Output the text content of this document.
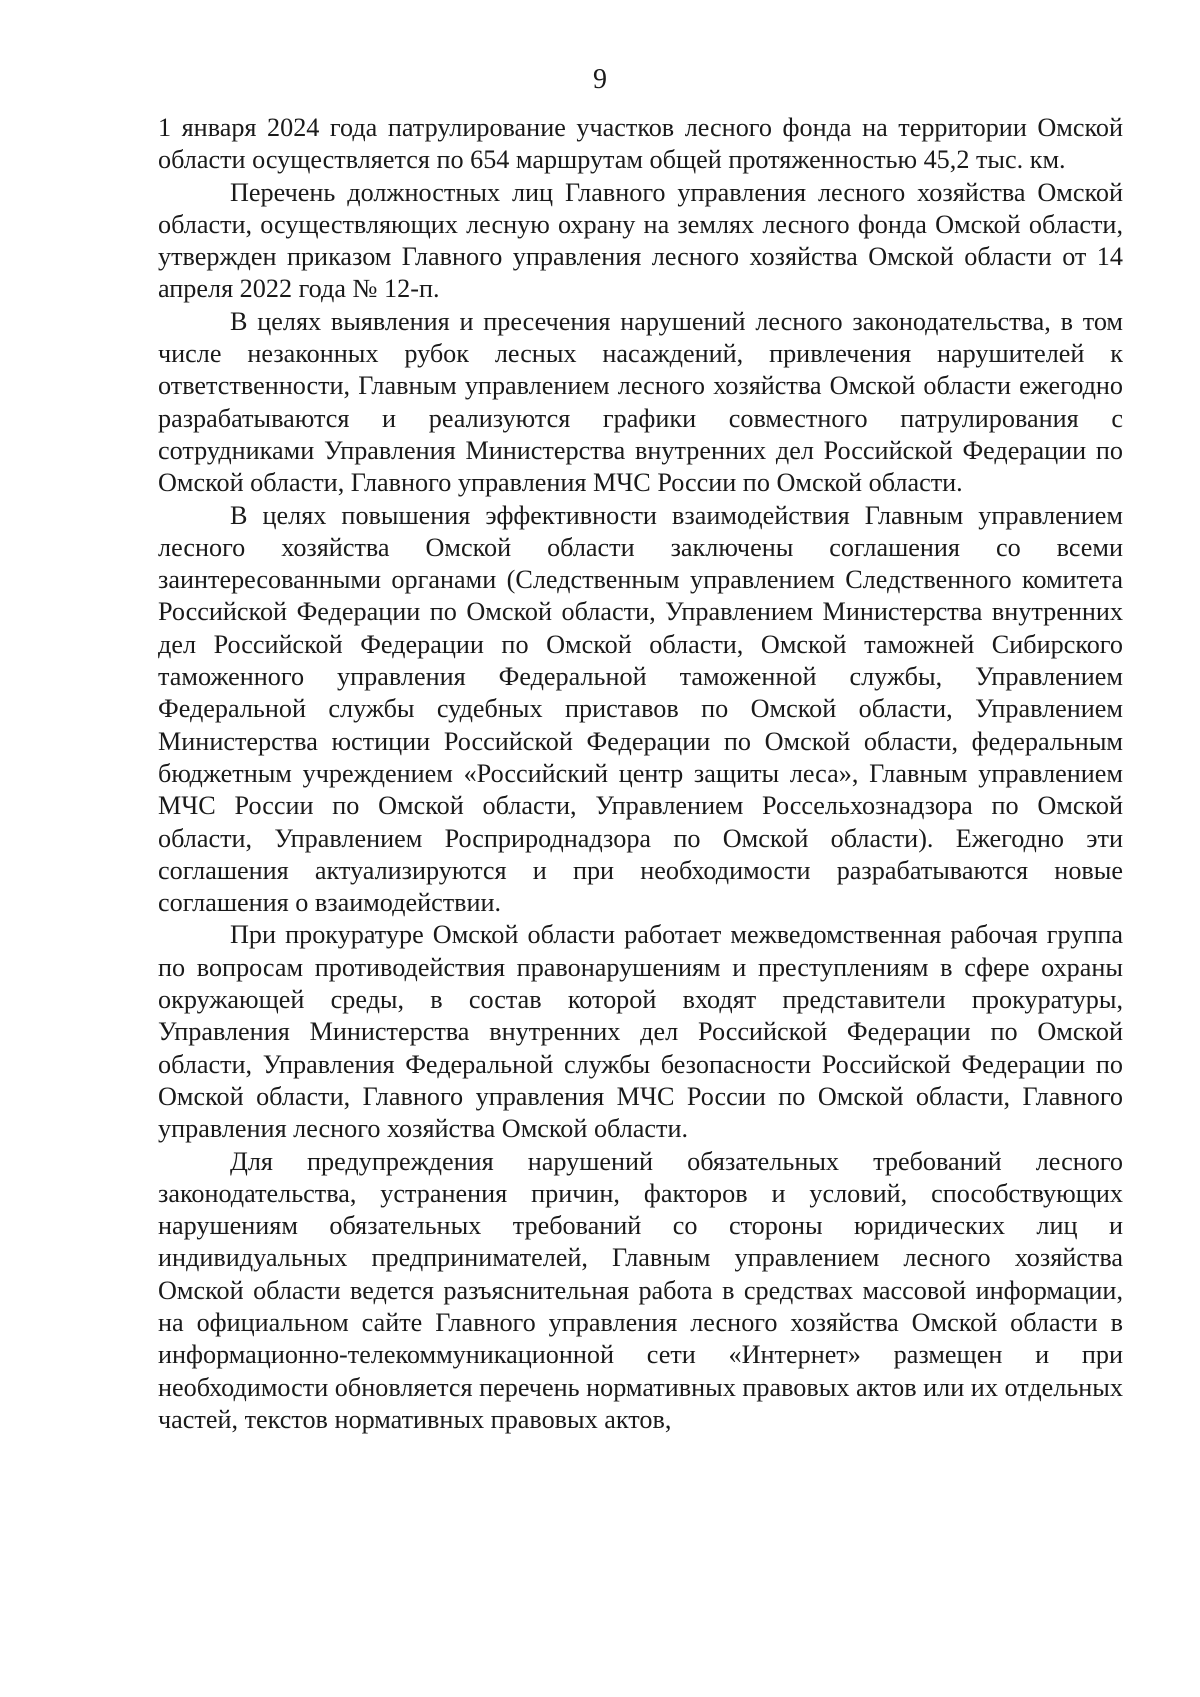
9

1 января 2024 года патрулирование участков лесного фонда на территории Омской области осуществляется по 654 маршрутам общей протяженностью 45,2 тыс. км.

Перечень должностных лиц Главного управления лесного хозяйства Омской области, осуществляющих лесную охрану на землях лесного фонда Омской области, утвержден приказом Главного управления лесного хозяйства Омской области от 14 апреля 2022 года № 12-п.

В целях выявления и пресечения нарушений лесного законодательства, в том числе незаконных рубок лесных насаждений, привлечения нарушителей к ответственности, Главным управлением лесного хозяйства Омской области ежегодно разрабатываются и реализуются графики совместного патрулирования с сотрудниками Управления Министерства внутренних дел Российской Федерации по Омской области, Главного управления МЧС России по Омской области.

В целях повышения эффективности взаимодействия Главным управлением лесного хозяйства Омской области заключены соглашения со всеми заинтересованными органами (Следственным управлением Следственного комитета Российской Федерации по Омской области, Управлением Министерства внутренних дел Российской Федерации по Омской области, Омской таможней Сибирского таможенного управления Федеральной таможенной службы, Управлением Федеральной службы судебных приставов по Омской области, Управлением Министерства юстиции Российской Федерации по Омской области, федеральным бюджетным учреждением «Российский центр защиты леса», Главным управлением МЧС России по Омской области, Управлением Россельхознадзора по Омской области, Управлением Росприроднадзора по Омской области). Ежегодно эти соглашения актуализируются и при необходимости разрабатываются новые соглашения о взаимодействии.

При прокуратуре Омской области работает межведомственная рабочая группа по вопросам противодействия правонарушениям и преступлениям в сфере охраны окружающей среды, в состав которой входят представители прокуратуры, Управления Министерства внутренних дел Российской Федерации по Омской области, Управления Федеральной службы безопасности Российской Федерации по Омской области, Главного управления МЧС России по Омской области, Главного управления лесного хозяйства Омской области.

Для предупреждения нарушений обязательных требований лесного законодательства, устранения причин, факторов и условий, способствующих нарушениям обязательных требований со стороны юридических лиц и индивидуальных предпринимателей, Главным управлением лесного хозяйства Омской области ведется разъяснительная работа в средствах массовой информации, на официальном сайте Главного управления лесного хозяйства Омской области в информационно-телекоммуникационной сети «Интернет» размещен и при необходимости обновляется перечень нормативных правовых актов или их отдельных частей, текстов нормативных правовых актов,
